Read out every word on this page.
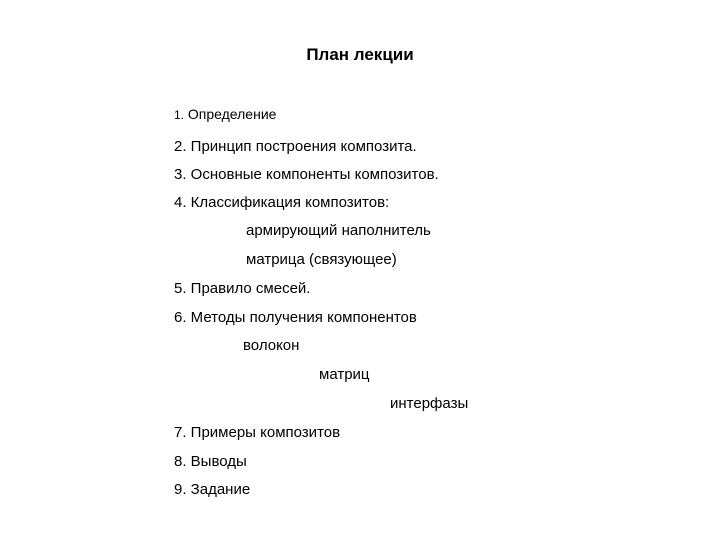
План лекции
1. Определение
2. Принцип построения композита.
3. Основные компоненты композитов.
4. Классификация композитов:
армирующий наполнитель
матрица (связующее)
5. Правило смесей.
6. Методы получения компонентов
волокон
матриц
интерфазы
7. Примеры композитов
8. Выводы
9. Задание
